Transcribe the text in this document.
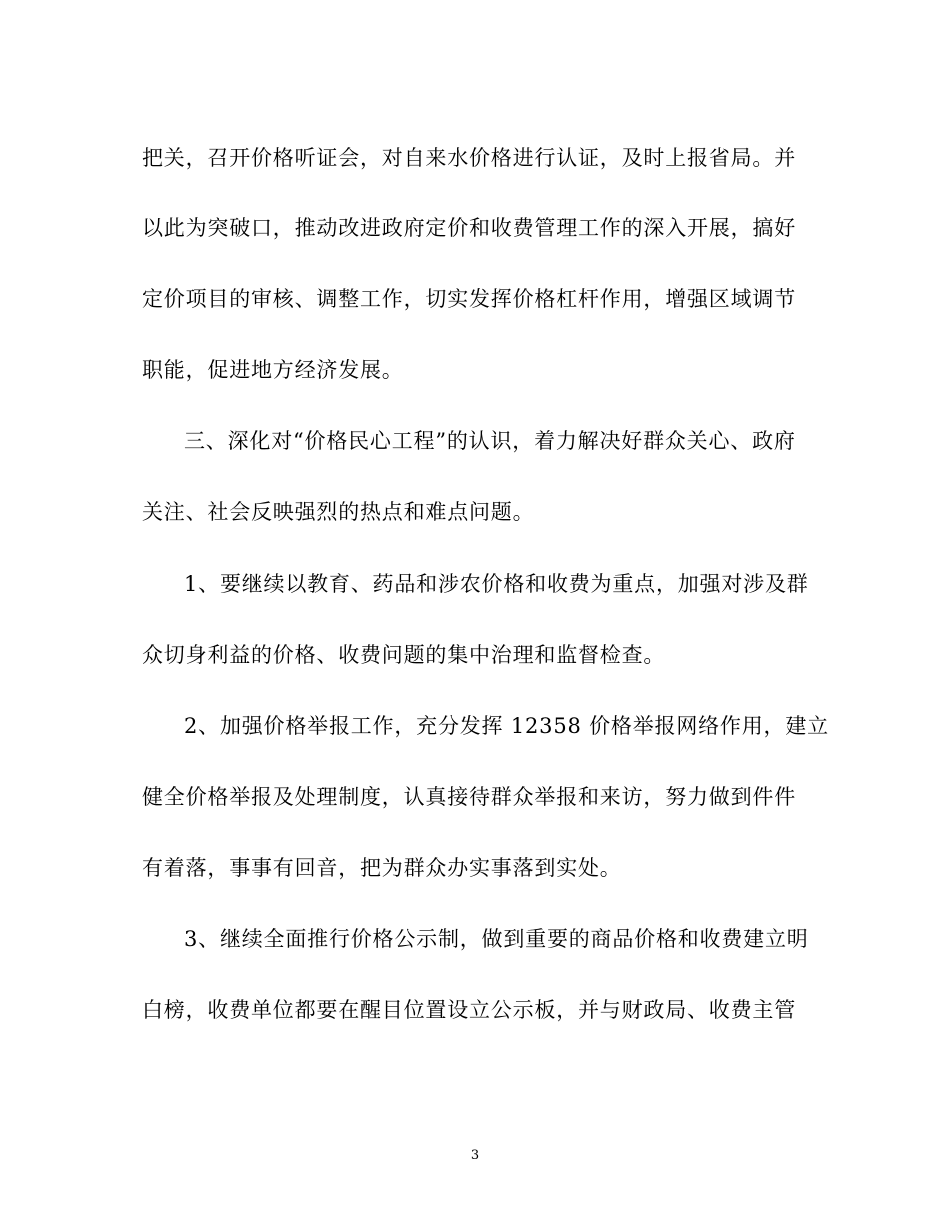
把关，召开价格听证会，对自来水价格进行认证，及时上报省局。并
以此为突破口，推动改进政府定价和收费管理工作的深入开展，搞好
定价项目的审核、调整工作，切实发挥价格杠杆作用，增强区域调节
职能，促进地方经济发展。
三、深化对“价格民心工程”的认识，着力解决好群众关心、政府
关注、社会反映强烈的热点和难点问题。
1、要继续以教育、药品和涉农价格和收费为重点，加强对涉及群
众切身利益的价格、收费问题的集中治理和监督检查。
2、加强价格举报工作，充分发挥 12358 价格举报网络作用，建立
健全价格举报及处理制度，认真接待群众举报和来访，努力做到件件
有着落，事事有回音，把为群众办实事落到实处。
3、继续全面推行价格公示制，做到重要的商品价格和收费建立明
白榜，收费单位都要在醒目位置设立公示板，并与财政局、收费主管
3
